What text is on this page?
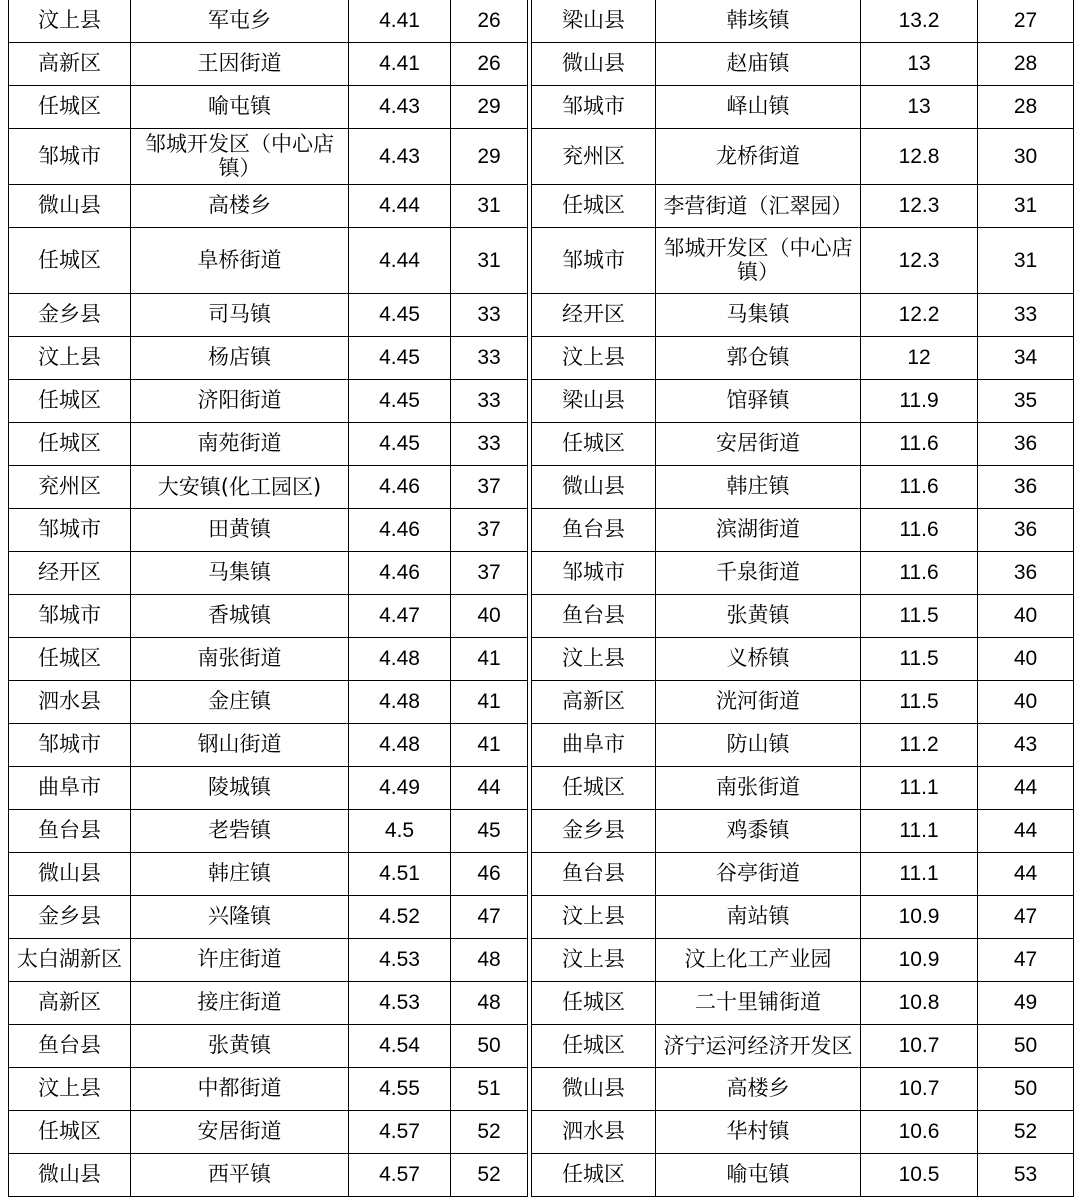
汶上县	军屯乡	4.41	26
高新区	王因街道	4.41	26
任城区	喻屯镇	4.43	29
邹城市	邹城开发区（中心店镇）	4.43	29
微山县	高楼乡	4.44	31
任城区	阜桥街道	4.44	31
金乡县	司马镇	4.45	33
汶上县	杨店镇	4.45	33
任城区	济阳街道	4.45	33
任城区	南苑街道	4.45	33
兖州区	大安镇(化工园区)	4.46	37
邹城市	田黄镇	4.46	37
经开区	马集镇	4.46	37
邹城市	香城镇	4.47	40
任城区	南张街道	4.48	41
泗水县	金庄镇	4.48	41
邹城市	钢山街道	4.48	41
曲阜市	陵城镇	4.49	44
鱼台县	老砦镇	4.5	45
微山县	韩庄镇	4.51	46
金乡县	兴隆镇	4.52	47
太白湖新区	许庄街道	4.53	48
高新区	接庄街道	4.53	48
鱼台县	张黄镇	4.54	50
汶上县	中都街道	4.55	51
任城区	安居街道	4.57	52
微山县	西平镇	4.57	52
梁山县	韩垓镇	13.2	27
微山县	赵庙镇	13	28
邹城市	峄山镇	13	28
兖州区	龙桥街道	12.8	30
任城区	李营街道（汇翠园）	12.3	31
邹城市	邹城开发区（中心店镇）	12.3	31
经开区	马集镇	12.2	33
汶上县	郭仓镇	12	34
梁山县	馆驿镇	11.9	35
任城区	安居街道	11.6	36
微山县	韩庄镇	11.6	36
鱼台县	滨湖街道	11.6	36
邹城市	千泉街道	11.6	36
鱼台县	张黄镇	11.5	40
汶上县	义桥镇	11.5	40
高新区	洸河街道	11.5	40
曲阜市	防山镇	11.2	43
任城区	南张街道	11.1	44
金乡县	鸡黍镇	11.1	44
鱼台县	谷亭街道	11.1	44
汶上县	南站镇	10.9	47
汶上县	汶上化工产业园	10.9	47
任城区	二十里铺街道	10.8	49
任城区	济宁运河经济开发区	10.7	50
微山县	高楼乡	10.7	50
泗水县	华村镇	10.6	52
任城区	喻屯镇	10.5	53
